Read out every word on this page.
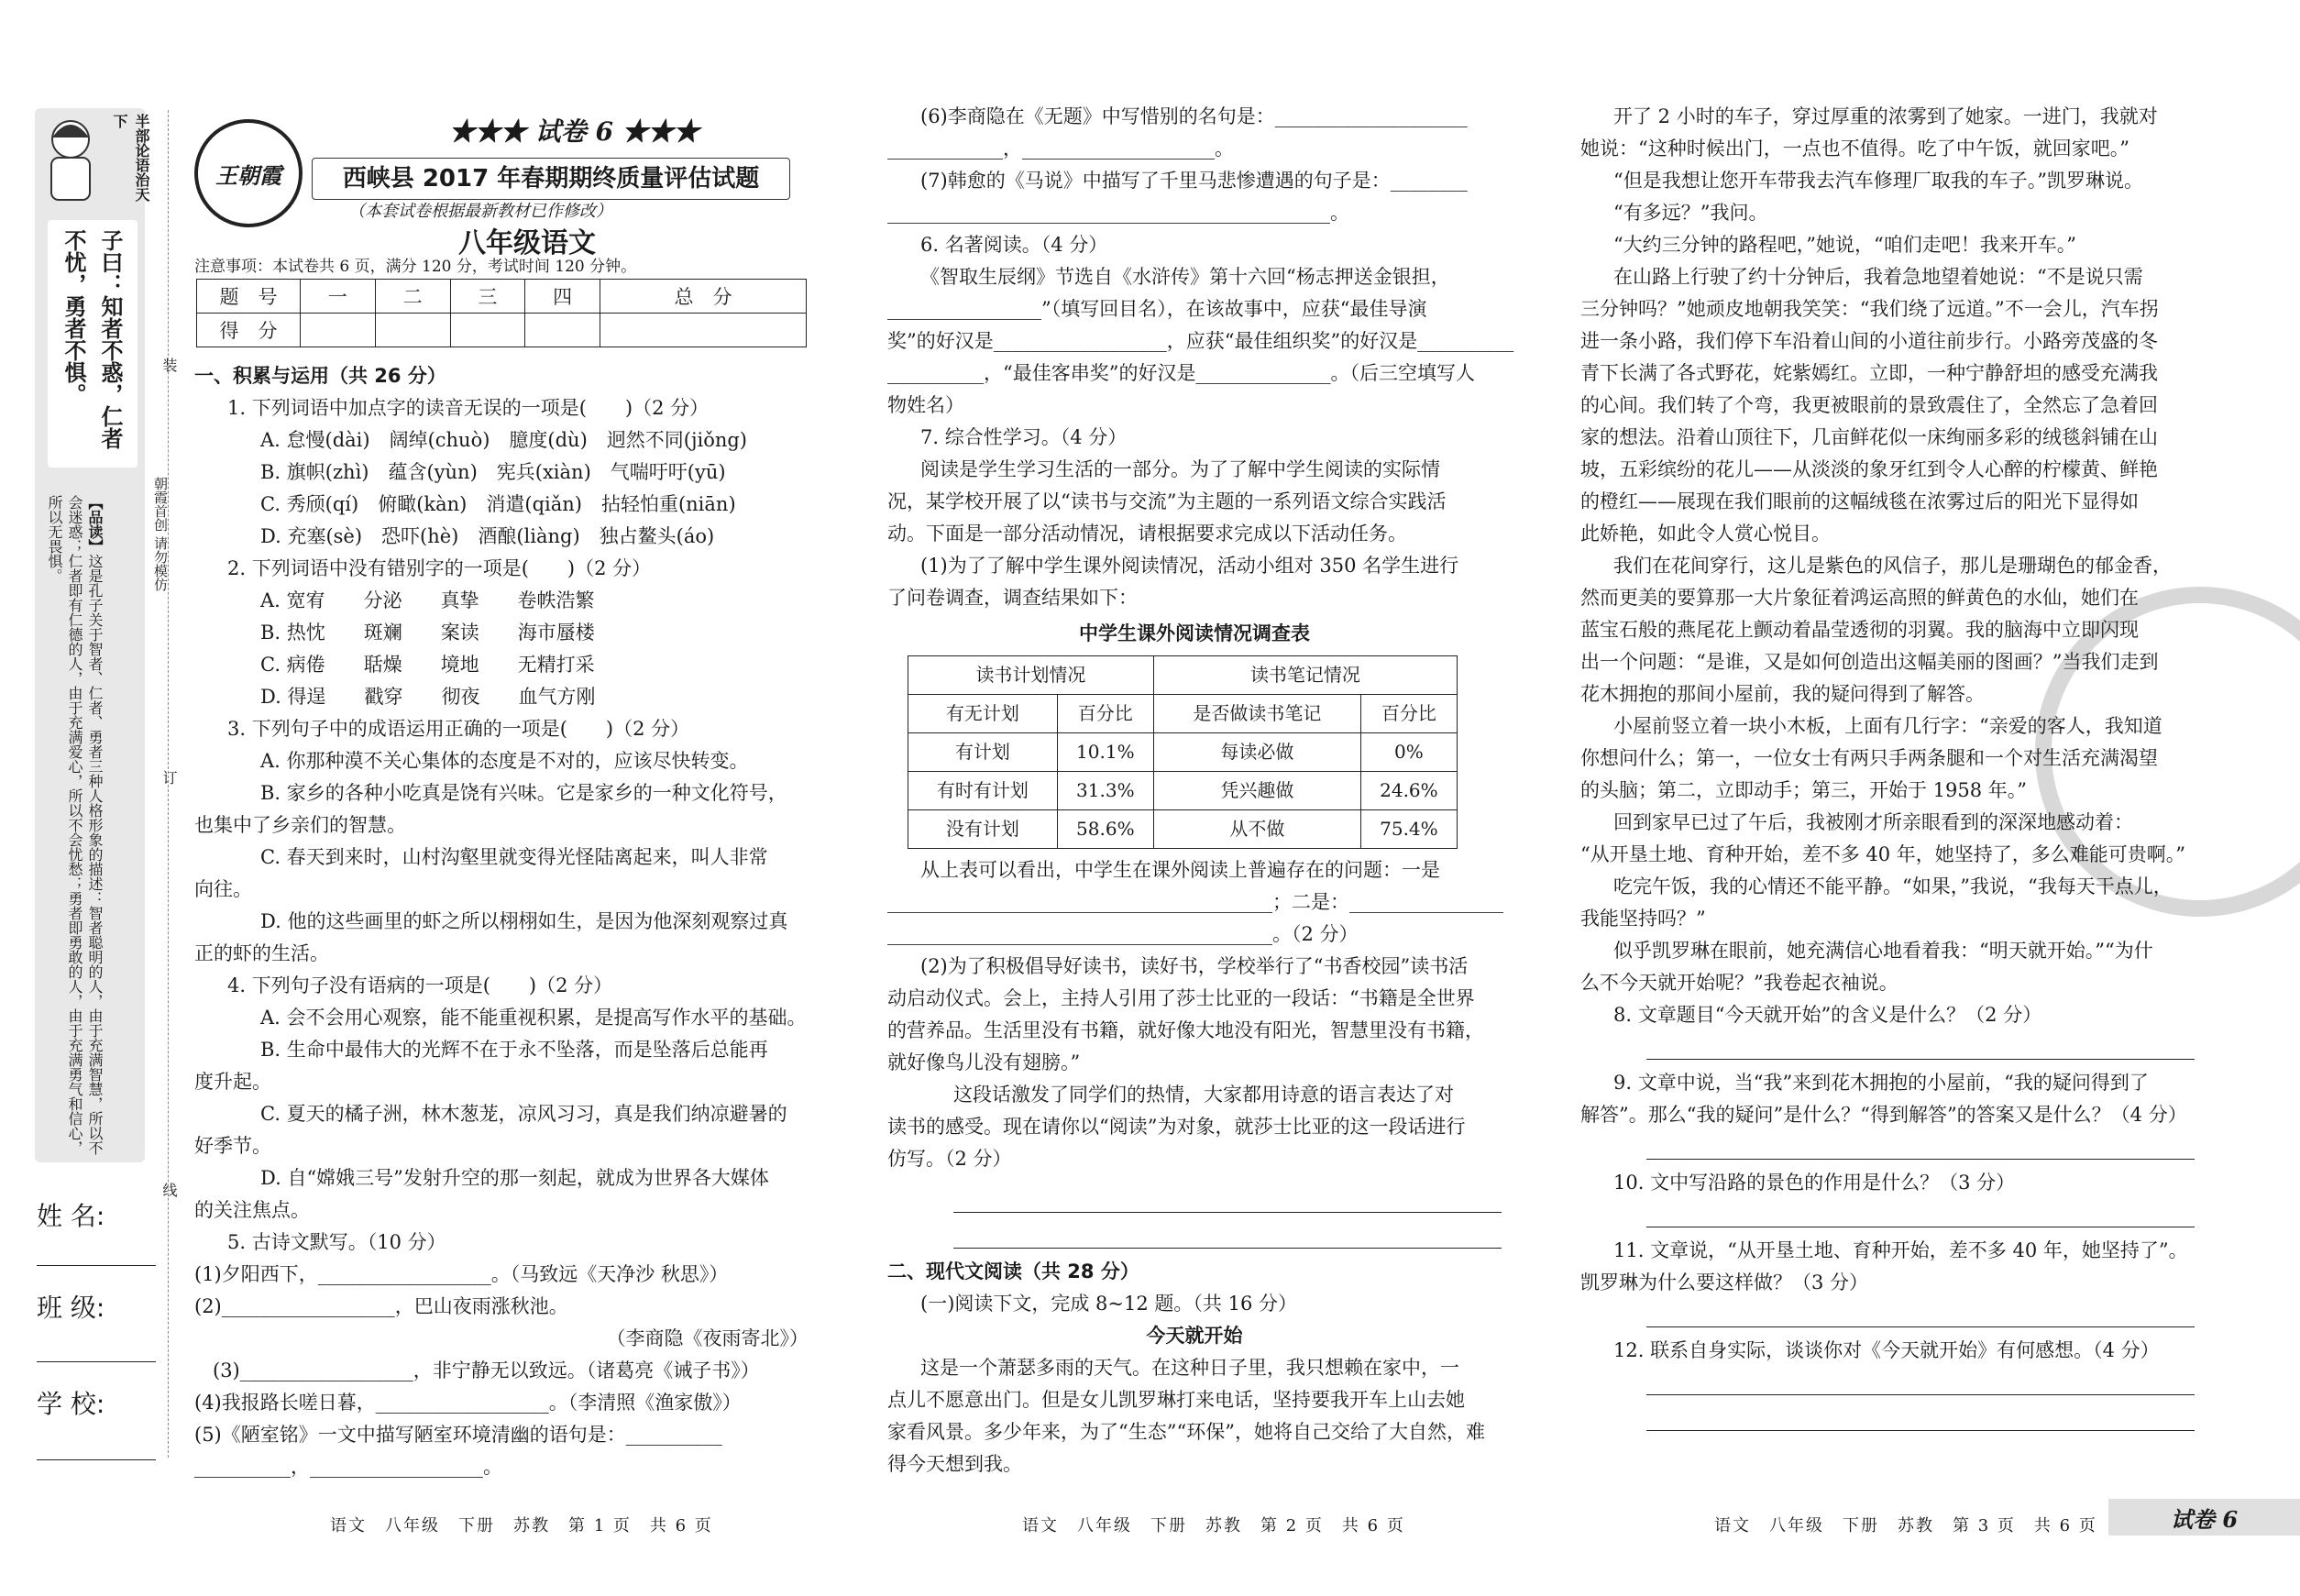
半部论语治天下
子曰：知者不惑，仁者不忧，勇者不惧。
【品读】这是孔子关于智者、仁者、勇者三种人格形象的描述：智者聪明的人，由于充满智慧，所以不会迷惑；仁者即有仁德的人，由于充满爱心，所以不会忧愁；勇者即勇敢的人，由于充满勇气和信心，所以无畏惧。
装
朝霞首创 请勿模仿
订
线
姓 名:
班 级:
学 校:
王朝霞
★★★ 试卷 6 ★★★
西峡县 2017 年春期期终质量评估试题
（本套试卷根据最新教材已作修改）
八年级语文
注意事项：本试卷共 6 页，满分 120 分，考试时间 120 分钟。
题　号	一	二	三	四	总　分
得　分					

一、积累与运用（共 26 分）

1. 下列词语中加点字的读音无误的一项是(　　)（2 分）

A. 怠慢(dài)　阔绰(chuò)　臆度(dù)　迥然不同(jiǒng)

B. 旗帜(zhì)　蕴含(yùn)　宪兵(xiàn)　气喘吁吁(yū)

C. 秀颀(qí)　俯瞰(kàn)　消遣(qiǎn)　拈轻怕重(niān)

D. 充塞(sè)　恐吓(hè)　酒酿(liàng)　独占鳌头(áo)

2. 下列词语中没有错别字的一项是(　　)（2 分）

A. 宽宥　　分泌　　真挚　　卷帙浩繁

B. 热忱　　斑斓　　案读　　海市蜃楼

C. 病倦　　聒燥　　境地　　无精打采

D. 得逞　　戳穿　　彻夜　　血气方刚

3. 下列句子中的成语运用正确的一项是(　　)（2 分）

A. 你那种漠不关心集体的态度是不对的，应该尽快转变。

B. 家乡的各种小吃真是饶有兴味。它是家乡的一种文化符号，

也集中了乡亲们的智慧。

C. 春天到来时，山村沟壑里就变得光怪陆离起来，叫人非常

向往。

D. 他的这些画里的虾之所以栩栩如生，是因为他深刻观察过真

正的虾的生活。

4. 下列句子没有语病的一项是(　　)（2 分）

A. 会不会用心观察，能不能重视积累，是提高写作水平的基础。

B. 生命中最伟大的光辉不在于永不坠落，而是坠落后总能再

度升起。

C. 夏天的橘子洲，林木葱茏，凉风习习，真是我们纳凉避暑的

好季节。

D. 自“嫦娥三号”发射升空的那一刻起，就成为世界各大媒体

的关注焦点。

5. 古诗文默写。（10 分）

(1)夕阳西下，__________________。（马致远《天净沙 秋思》）

(2)__________________，巴山夜雨涨秋池。

（李商隐《夜雨寄北》）

(3)__________________，非宁静无以致远。（诸葛亮《诫子书》）

(4)我报路长嗟日暮，__________________。（李清照《渔家傲》）

(5)《陋室铭》一文中描写陋室环境清幽的语句是：__________

__________，__________________。

(6)李商隐在《无题》中写惜别的名句是：____________________

____________，____________________。

(7)韩愈的《马说》中描写了千里马悲惨遭遇的句子是：________

______________________________________________。

6. 名著阅读。（4 分）

《智取生辰纲》节选自《水浒传》第十六回“杨志押送金银担，

________________”（填写回目名），在该故事中，应获“最佳导演

奖”的好汉是__________________，应获“最佳组织奖”的好汉是__________

__________，“最佳客串奖”的好汉是______________。（后三空填写人

物姓名）

7. 综合性学习。（4 分）

阅读是学生学习生活的一部分。为了了解中学生阅读的实际情

况，某学校开展了以“读书与交流”为主题的一系列语文综合实践活

动。下面是一部分活动情况，请根据要求完成以下活动任务。

(1)为了了解中学生课外阅读情况，活动小组对 350 名学生进行

了问卷调查，调查结果如下：

中学生课外阅读情况调查表

读书计划情况		读书笔记情况	
有无计划	百分比	是否做读书笔记	百分比
有计划	10.1%	每读必做	0%
有时有计划	31.3%	凭兴趣做	24.6%
没有计划	58.6%	从不做	75.4%

从上表可以看出，中学生在课外阅读上普遍存在的问题：一是

________________________________________；二是：________________

________________________________________。（2 分）

(2)为了积极倡导好读书，读好书，学校举行了“书香校园”读书活

动启动仪式。会上，主持人引用了莎士比亚的一段话：“书籍是全世界

的营养品。生活里没有书籍，就好像大地没有阳光，智慧里没有书籍，

就好像鸟儿没有翅膀。”

这段话激发了同学们的热情，大家都用诗意的语言表达了对

读书的感受。现在请你以“阅读”为对象，就莎士比亚的这一段话进行

仿写。（2 分）

二、现代文阅读（共 28 分）

(一)阅读下文，完成 8~12 题。（共 16 分）

今天就开始

这是一个萧瑟多雨的天气。在这种日子里，我只想赖在家中，一

点儿不愿意出门。但是女儿凯罗琳打来电话，坚持要我开车上山去她

家看风景。多少年来，为了“生态”“环保”，她将自己交给了大自然，难

得今天想到我。

开了 2 小时的车子，穿过厚重的浓雾到了她家。一进门，我就对

她说：“这种时候出门，一点也不值得。吃了中午饭，就回家吧。”

“但是我想让您开车带我去汽车修理厂取我的车子。”凯罗琳说。

“有多远？”我问。

“大约三分钟的路程吧，”她说，“咱们走吧！我来开车。”

在山路上行驶了约十分钟后，我着急地望着她说：“不是说只需

三分钟吗？”她顽皮地朝我笑笑：“我们绕了远道。”不一会儿，汽车拐

进一条小路，我们停下车沿着山间的小道往前步行。小路旁茂盛的冬

青下长满了各式野花，姹紫嫣红。立即，一种宁静舒坦的感受充满我

的心间。我们转了个弯，我更被眼前的景致震住了，全然忘了急着回

家的想法。沿着山顶往下，几亩鲜花似一床绚丽多彩的绒毯斜铺在山

坡，五彩缤纷的花儿——从淡淡的象牙红到令人心醉的柠檬黄、鲜艳

的橙红——展现在我们眼前的这幅绒毯在浓雾过后的阳光下显得如

此娇艳，如此令人赏心悦目。

我们在花间穿行，这儿是紫色的风信子，那儿是珊瑚色的郁金香，

然而更美的要算那一大片象征着鸿运高照的鲜黄色的水仙，她们在

蓝宝石般的燕尾花上颤动着晶莹透彻的羽翼。我的脑海中立即闪现

出一个问题：“是谁，又是如何创造出这幅美丽的图画？”当我们走到

花木拥抱的那间小屋前，我的疑问得到了解答。

小屋前竖立着一块小木板，上面有几行字：“亲爱的客人，我知道

你想问什么；第一，一位女士有两只手两条腿和一个对生活充满渴望

的头脑；第二，立即动手；第三，开始于 1958 年。”

回到家早已过了午后，我被刚才所亲眼看到的深深地感动着：

“从开垦土地、育种开始，差不多 40 年，她坚持了，多么难能可贵啊。”

吃完午饭，我的心情还不能平静。“如果，”我说，“我每天干点儿，

我能坚持吗？”

似乎凯罗琳在眼前，她充满信心地看着我：“明天就开始。”“为什

么不今天就开始呢？”我卷起衣袖说。

8. 文章题目“今天就开始”的含义是什么？（2 分）

9. 文章中说，当“我”来到花木拥抱的小屋前，“我的疑问得到了

解答”。那么“我的疑问”是什么？“得到解答”的答案又是什么？（4 分）

10. 文中写沿路的景色的作用是什么？（3 分）

11. 文章说，“从开垦土地、育种开始，差不多 40 年，她坚持了”。

凯罗琳为什么要这样做？（3 分）

12. 联系自身实际，谈谈你对《今天就开始》有何感想。（4 分）

语文　八年级　下册　苏教　第 1 页　共 6 页	语文　八年级　下册　苏教　第 2 页　共 6 页	语文　八年级　下册　苏教　第 3 页　共 6 页	试卷 6
